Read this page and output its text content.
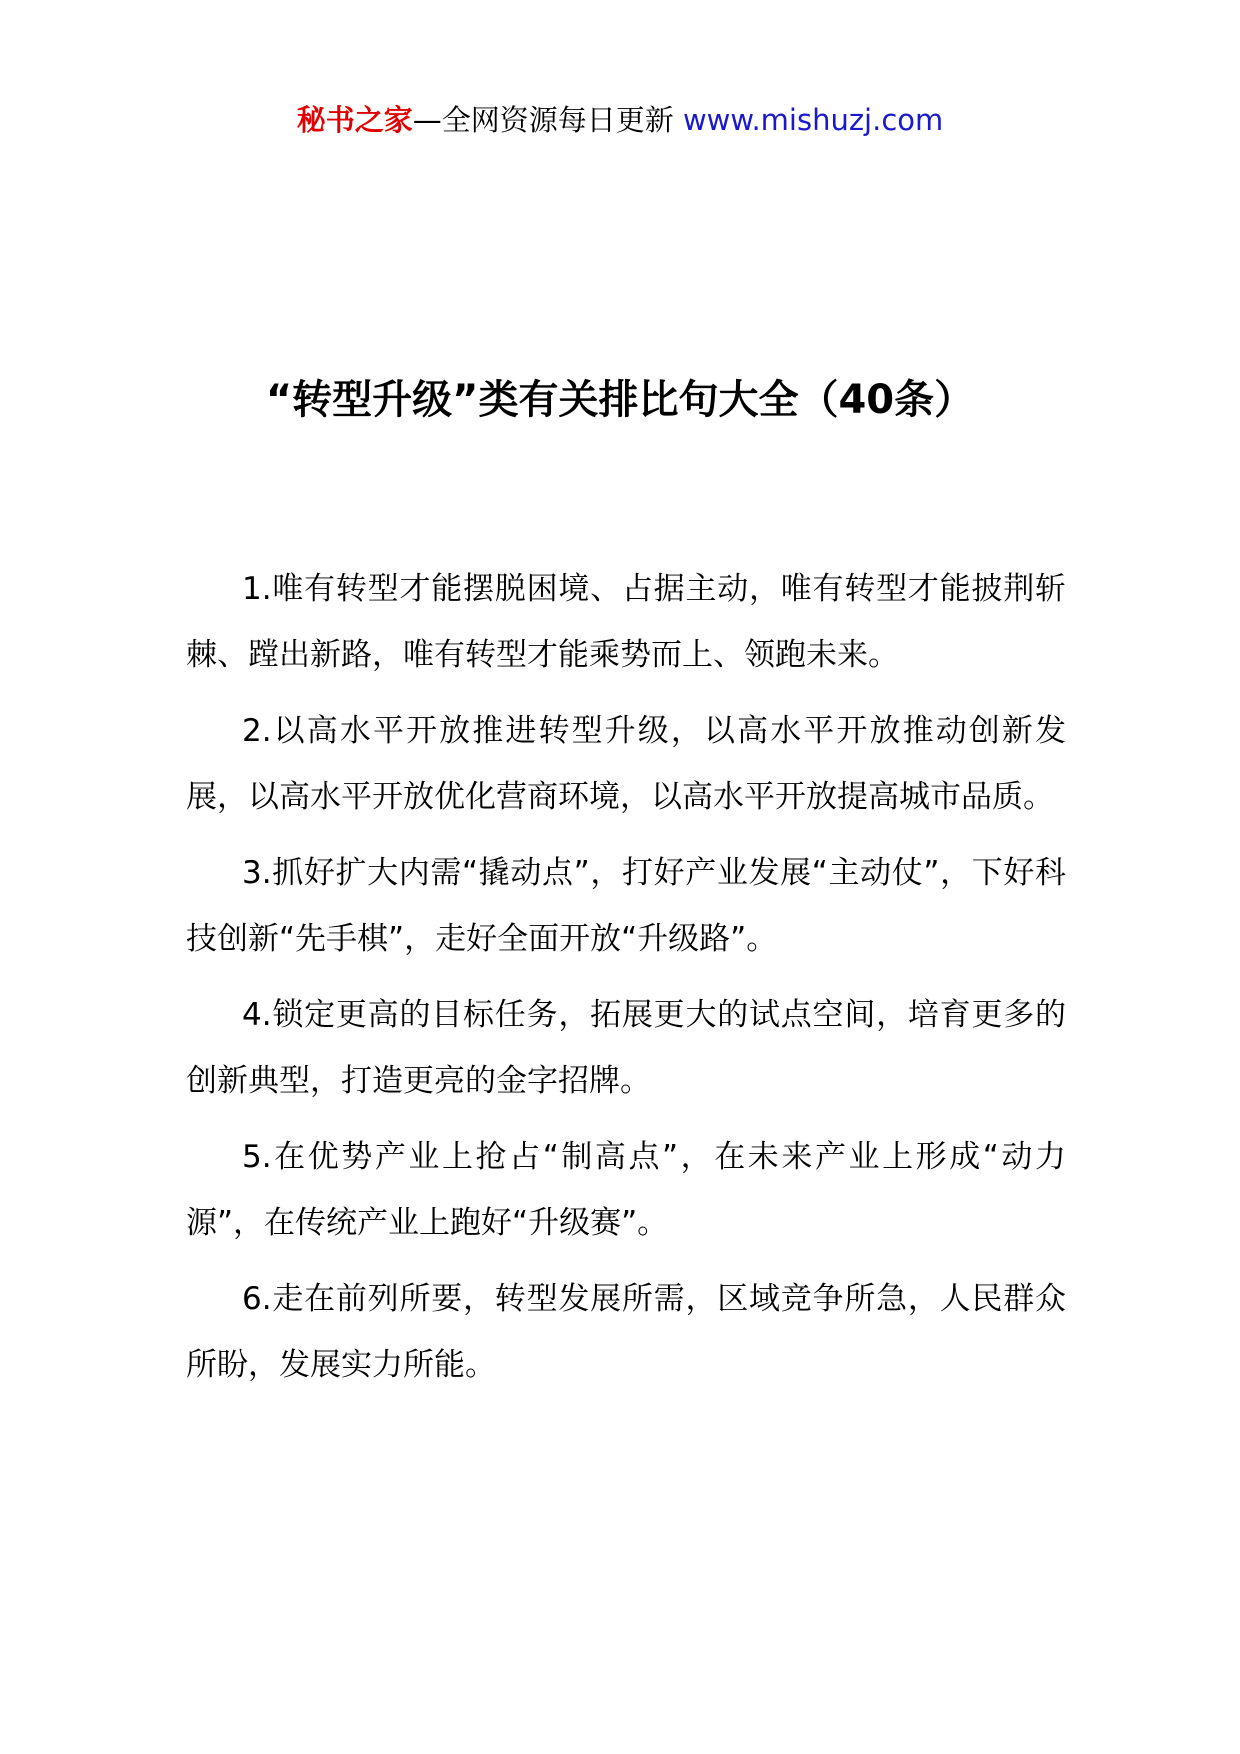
秘书之家—全网资源每日更新 www.mishuzj.com
“转型升级”类有关排比句大全（40条）

1.唯有转型才能摆脱困境、占据主动，唯有转型才能披荆斩棘、蹚出新路，唯有转型才能乘势而上、领跑未来。

2.以高水平开放推进转型升级，以高水平开放推动创新发展，以高水平开放优化营商环境，以高水平开放提高城市品质。

3.抓好扩大内需“撬动点”，打好产业发展“主动仗”，下好科技创新“先手棋”，走好全面开放“升级路”。

4.锁定更高的目标任务，拓展更大的试点空间，培育更多的创新典型，打造更亮的金字招牌。

5.在优势产业上抢占“制高点”，在未来产业上形成“动力源”，在传统产业上跑好“升级赛”。

6.走在前列所要，转型发展所需，区域竞争所急，人民群众所盼，发展实力所能。
